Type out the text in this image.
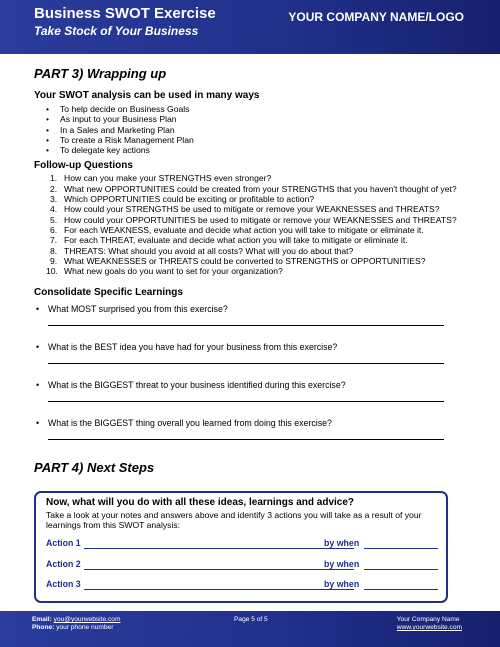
Business SWOT Exercise
Take Stock of Your Business
YOUR COMPANY NAME/LOGO

PART 3) Wrapping up

Your SWOT analysis can be used in many ways

• To help decide on Business Goals
• As input to your Business Plan
• In a Sales and Marketing Plan
• To create a Risk Management Plan
• To delegate key actions

Follow-up Questions

1. How can you make your STRENGTHS even stronger?
2. What new OPPORTUNITIES could be created from your STRENGTHS that you haven't thought of yet?
3. Which OPPORTUNITIES could be exciting or profitable to action?
4. How could your STRENGTHS be used to mitigate or remove your WEAKNESSES and THREATS?
5. How could your OPPORTUNITIES be used to mitigate or remove your WEAKNESSES and THREATS?
6. For each WEAKNESS, evaluate and decide what action you will take to mitigate or eliminate it.
7. For each THREAT, evaluate and decide what action you will take to mitigate or eliminate it.
8. THREATS: What should you avoid at all costs? What will you do about that?
9. What WEAKNESSES or THREATS could be converted to STRENGTHS or OPPORTUNITIES?
10. What new goals do you want to set for your organization?

Consolidate Specific Learnings

• What MOST surprised you from this exercise?
• What is the BEST idea you have had for your business from this exercise?
• What is the BIGGEST threat to your business identified during this exercise?
• What is the BIGGEST thing overall you learned from doing this exercise?

PART 4) Next Steps

Now, what will you do with all these ideas, learnings and advice?
Take a look at your notes and answers above and identify 3 actions you will take as a result of your learnings from this SWOT analysis:
Action 1	by when
Action 2	by when
Action 3	by when
Email: you@yourwebsite.com
Phone: your phone number
Page 5 of 5	Your Company Name
www.yourwebsite.com
